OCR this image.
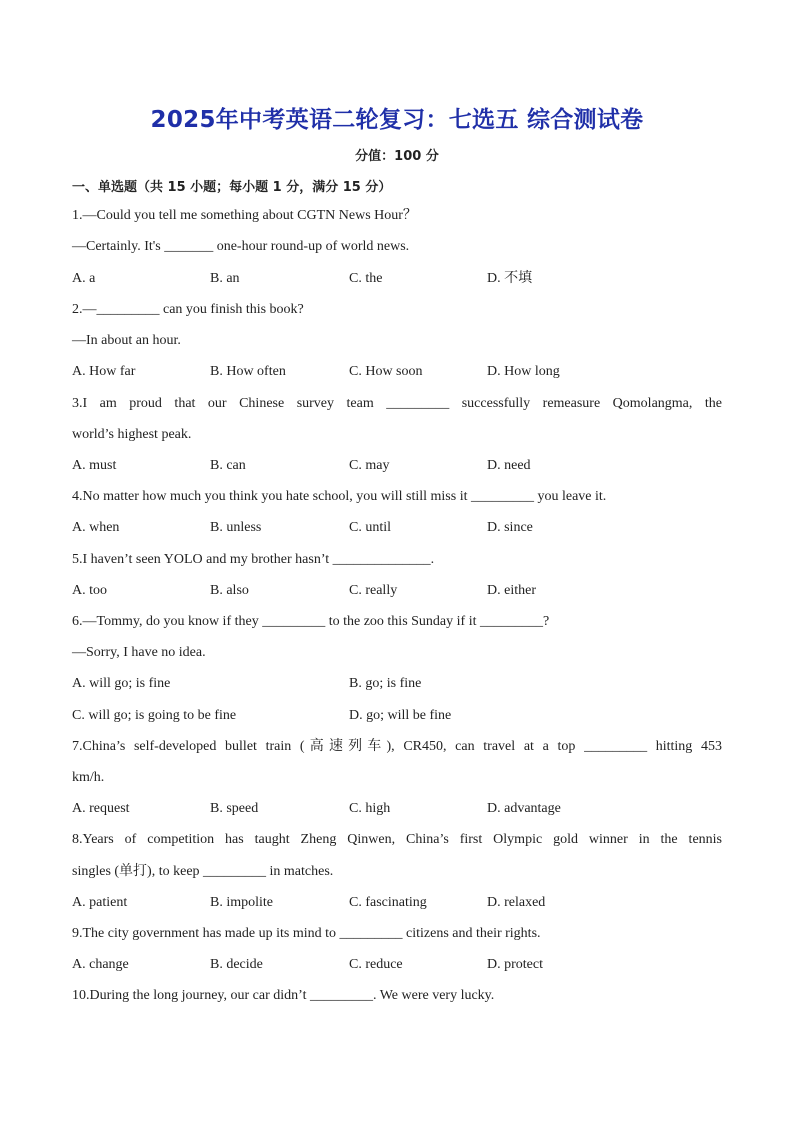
2025年中考英语二轮复习：七选五 综合测试卷
分值：100 分
一、单选题（共 15 小题；每小题 1 分，满分 15 分）
1.—Could you tell me something about CGTN News Hour？
—Certainly. It's _______ one-hour round-up of world news.
A. a	B. an	C. the	D. 不填
2.—_________ can you finish this book?
—In about an hour.
A. How far	B. How often	C. How soon	D. How long
3.I am proud that our Chinese survey team _________ successfully remeasure Qomolangma, the
world’s highest peak.
A. must	B. can	C. may	D. need
4.No matter how much you think you hate school, you will still miss it _________ you leave it.
A. when	B. unless	C. until	D. since
5.I haven’t seen YOLO and my brother hasn’t ______________.
A. too	B. also	C. really	D. either
6.—Tommy, do you know if they _________ to the zoo this Sunday if it _________?
—Sorry, I have no idea.
A. will go; is fine	B. go; is fine
C. will go; is going to be fine	D. go; will be fine
7.China’s self-developed bullet train (高速列车), CR450, can travel at a top _________ hitting 453
km/h.
A. request	B. speed	C. high	D. advantage
8.Years of competition has taught Zheng Qinwen, China’s first Olympic gold winner in the tennis
singles (单打), to keep _________ in matches.
A. patient	B. impolite	C. fascinating	D. relaxed
9.The city government has made up its mind to _________ citizens and their rights.
A. change	B. decide	C. reduce	D. protect
10.During the long journey, our car didn’t _________. We were very lucky.
